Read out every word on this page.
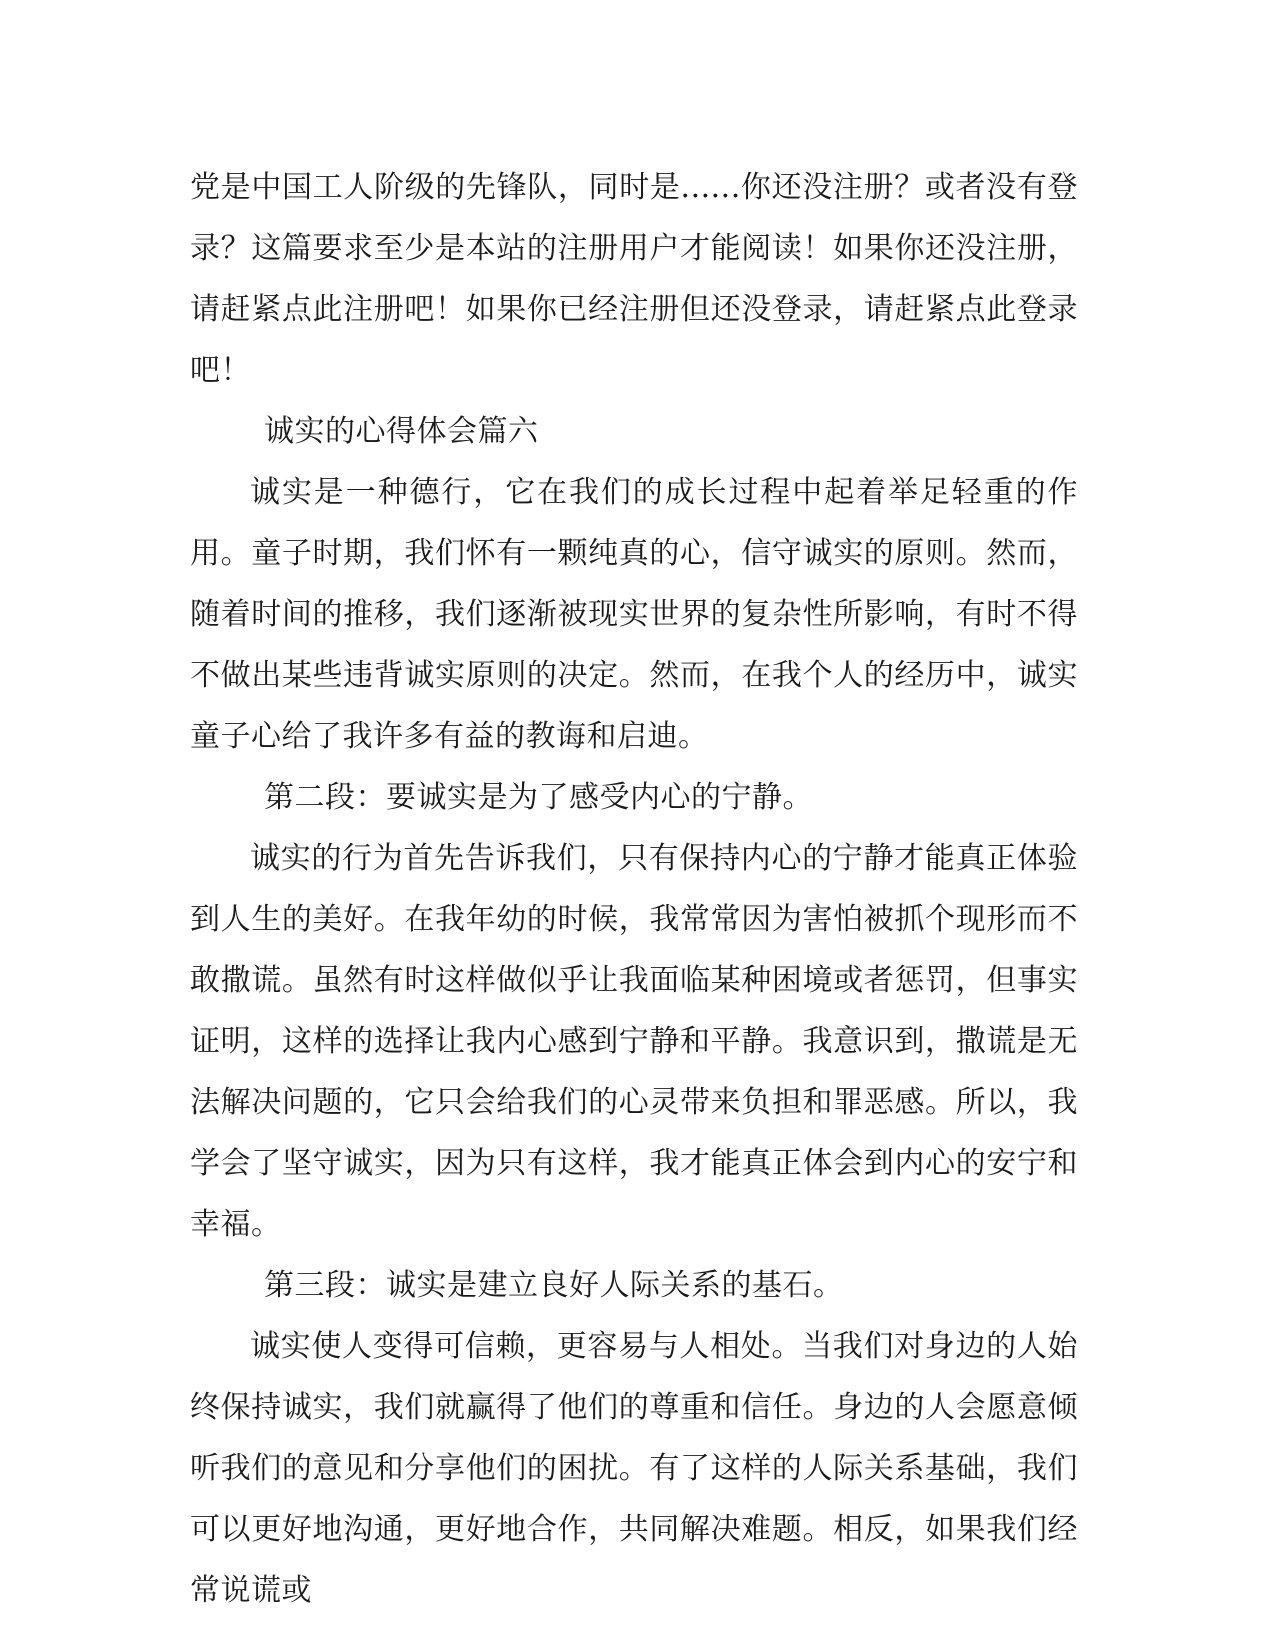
党是中国工人阶级的先锋队，同时是......你还没注册？或者没有登录？这篇要求至少是本站的注册用户才能阅读！如果你还没注册，请赶紧点此注册吧！如果你已经注册但还没登录，请赶紧点此登录吧！

诚实的心得体会篇六

诚实是一种德行，它在我们的成长过程中起着举足轻重的作用。童子时期，我们怀有一颗纯真的心，信守诚实的原则。然而，随着时间的推移，我们逐渐被现实世界的复杂性所影响，有时不得不做出某些违背诚实原则的决定。然而，在我个人的经历中，诚实童子心给了我许多有益的教诲和启迪。

第二段：要诚实是为了感受内心的宁静。

诚实的行为首先告诉我们，只有保持内心的宁静才能真正体验到人生的美好。在我年幼的时候，我常常因为害怕被抓个现形而不敢撒谎。虽然有时这样做似乎让我面临某种困境或者惩罚，但事实证明，这样的选择让我内心感到宁静和平静。我意识到，撒谎是无法解决问题的，它只会给我们的心灵带来负担和罪恶感。所以，我学会了坚守诚实，因为只有这样，我才能真正体会到内心的安宁和幸福。

第三段：诚实是建立良好人际关系的基石。

诚实使人变得可信赖，更容易与人相处。当我们对身边的人始终保持诚实，我们就赢得了他们的尊重和信任。身边的人会愿意倾听我们的意见和分享他们的困扰。有了这样的人际关系基础，我们可以更好地沟通，更好地合作，共同解决难题。相反，如果我们经常说谎或
